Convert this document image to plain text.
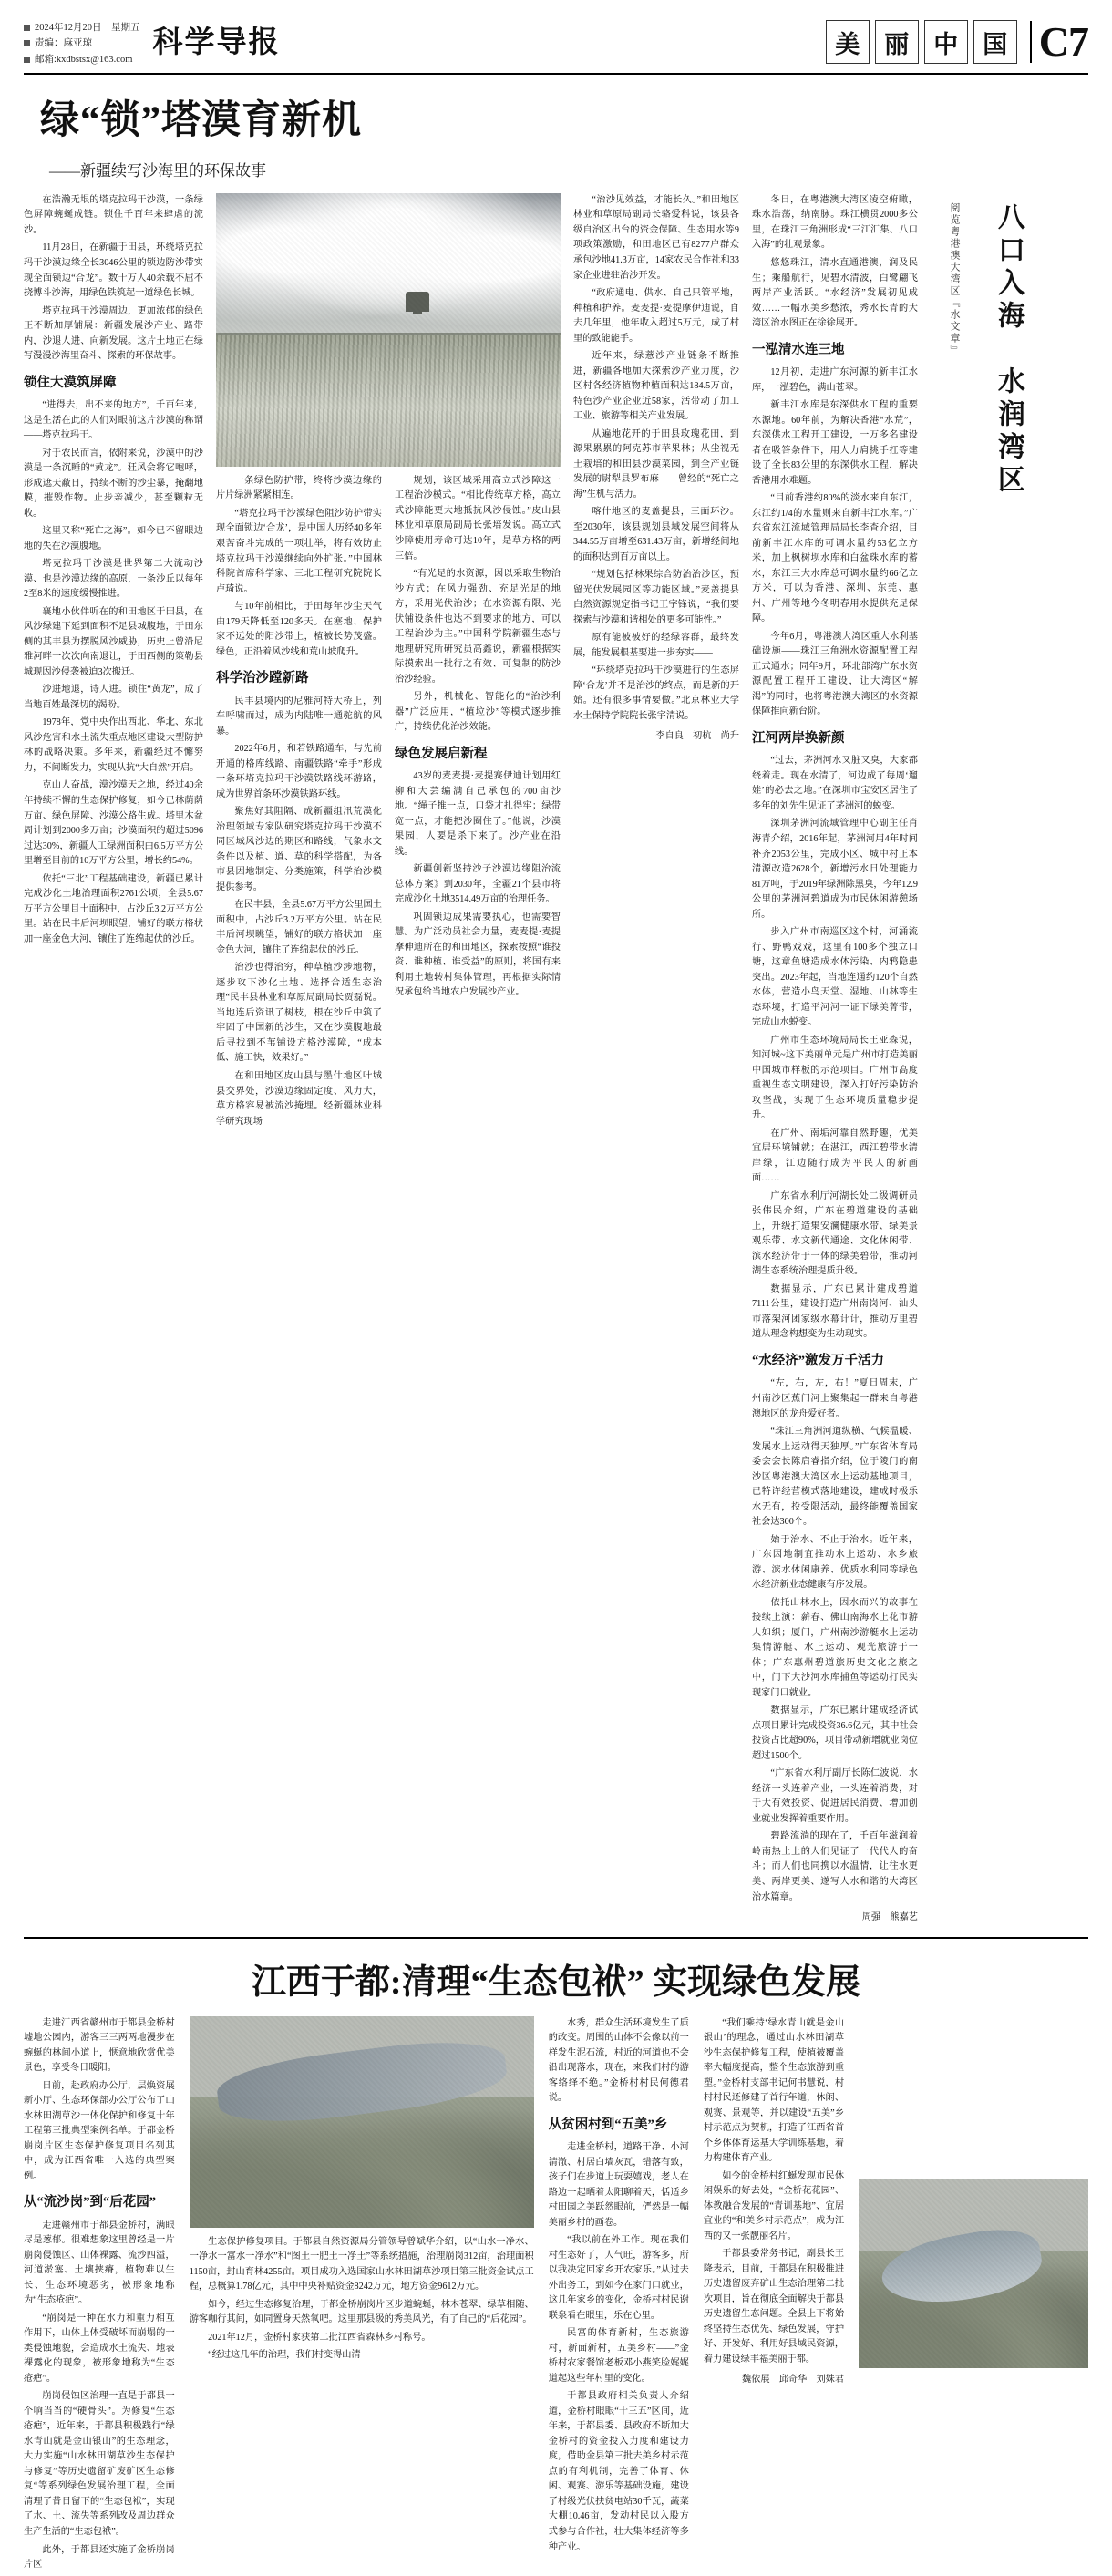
2024年12月20日　星期五
责编：麻亚琼
邮箱:kxdbstsx@163.com
科学导报	美	丽	中	国 C7
绿“锁”塔漠育新机
——新疆续写沙海里的环保故事

在浩瀚无垠的塔克拉玛干沙漠，一条绿色屏障蜿蜒成链。锁住千百年来肆虐的流沙。

11月28日，在新疆于田县，环绕塔克拉玛干沙漠边缘全长3046公里的锁边防沙带实现全面锁边“合龙”。数十万人40余载不屈不挠博斗沙海，用绿色铁筑起一道绿色长城。

塔克拉玛干沙漠周边，更加浓郁的绿色正不断加厚铺展：新疆发展沙产业、路带内，沙退人进、向新发展。这片土地正在绿写漫漫沙海里奋斗、探索的环保故事。

锁住大漠筑屏障

“进得去，出不来的地方”，千百年来，这是生活在此的人们对眼前这片沙漠的称谓——塔克拉玛干。

对于农民而言，依附来说，沙漠中的沙漠是一条沉睡的“黄龙”。狂风会将它咆哮，形成遮天蔽日，持续不断的沙尘暴，掩翻地膜，摧毁作物。止步亲减少，甚至颗粒无收。

这里又称“死亡之海”。如今已不留眼边地的失在沙漠腹地。

塔克拉玛干沙漠是世界第二大流动沙漠、也是沙漠边缘的高原，一条沙丘以每年2至8米的速度缓慢推进。

襄地小伙伴听在的和田地区于田县，在风沙绿建下延到面积不足县城腹地，于田东侧的其丰县为摆脱风沙威胁，历史上曾沿尼雅河畔一次次向南退让，于田西侧的策勒县城现因沙侵袭被迫3次搬迁。

沙进地退，诗人进。锁住“黄龙”，成了当地百姓最深切的渴盼。

1978年，党中央作出西北、华北、东北风沙危害和水土流失重点地区建设大型防护林的战略决策。多年来，新疆经过不懈努力，不间断发力，实现从抗“大自然”开启。

克山人奋战，漠沙漠天之地，经过40余年持续不懈的生态保护修复，如今已林荫荫万亩、绿色屏障、沙漠公路生成。塔里木盆周计划到2000多万亩；沙漠面积的超过5096过达30%，新疆人工绿洲面积由6.5万平方公里增至目前的10万平方公里，增长约54%。

依托“三北”工程基础建设，新疆已累计完成沙化土地治理面积2761公顷，全县5.67万平方公里目土面积中，占沙丘3.2万平方公里。站在民丰后河坝眼望，铺好的联方格状加一座金色大河，镶住了连绵起伏的沙丘。

一条绿色防护带，终将沙漠边缘的片片绿洲紧紧相连。

“塔克拉玛干沙漠绿色阻沙防护带实现全面锁边‘合龙’，是中国人历经40多年艰苦奋斗完成的一项壮举，将有效防止塔克拉玛干沙漠继续向外扩张。”中国林科院首席科学家、三北工程研究院院长卢琦说。

与10年前相比，于田每年沙尘天气由179天降低至120多天。在塞地、保护家不远处的阳沙带上，植被长势茂盛。绿色，正沿着风沙线和荒山坡爬升。

科学治沙蹚新路

民丰县境内的尼雅河特大桥上，列车呼啸而过，成为内陆唯一通驼航的风暴。

2022年6月，和若铁路通车，与先前开通的格库线路、南疆铁路“牵手”形成一条环塔克拉玛干沙漠铁路线环游路，成为世界首条环沙漠铁路环线。

聚焦好其阻隔、成新疆组汛荒漠化治理领域专家队研究塔克拉玛干沙漠不同区域风沙边的期区和路线，气象水文条件以及植、道、草的科学搭配，为各市县因地制定、分类施策，科学治沙模提供参考。

在民丰县，全县5.67万平方公里国土面积中，占沙丘3.2万平方公里。站在民丰后河坝眺望，铺好的联方格状加一座金色大河，镶住了连绵起伏的沙丘。

治沙也得治穷，种草植沙涉地物，逐步攻下沙化土地、选择合适生态治理“民丰县林业和草原局副局长贾磊说。当地连后资讯了树枝，根在沙丘中筑了牢固了中国新的沙生，又在沙漠腹地最后寻找到不苇铺设方格沙漠障，“成本低、施工快，效果好。”

在和田地区皮山县与墨什地区叶城县交界处，沙漠边缘固定度、风力大，草方格容易被流沙掩埋。经新疆林业科学研究现场

规划，该区域采用高立式沙障这一工程治沙模式。“相比传统草方格，高立式沙障能更大地抵抗风沙侵蚀。”皮山县林业和草原局副局长张培发说。高立式沙障使用寿命可达10年，是草方格的两三倍。

“有光足的水资源，因以采取生物治沙方式；在风力强劲、充足光足的地方，采用光伏治沙；在水资源有限、光伏铺设条件也达不到要求的地方，可以工程治沙为主。”中国科学院新疆生态与地理研究所研究员高鑫说，新疆根据实际摸索出一批行之有效、可复制的防沙治沙经验。

另外，机械化、智能化的“治沙利器”广泛应用，“植垃沙”等模式逐步推广，持续优化治沙效能。

绿色发展启新程

43岁的麦麦提·麦提赛伊迪计划用红柳和大芸编满自己承包的700亩沙地。“绳子推一点，口袋才扎得牢；绿带宽一点，才能把沙圈住了。”他说，沙漠果园，人要是杀下来了。沙产业在沿线。

新疆创新坚持沙子沙漠边缘阻治流总体方案》到2030年，全疆21个县市将完成沙化土地3514.49万亩的治理任务。

巩固锁边成果需要执心，也需要智慧。为广泛动员社会力量，麦麦提·麦提摩伸迪所在的和田地区，探索按照“谁投资、谁种植、谁受益”的原则，将国有来利用土地转村集体管理，再根据实际情况承包给当地农户发展沙产业。

“治沙见效益，才能长久。”和田地区林业和草原局副局长骆爱科说，该县各级自治区出台的资金保障、生态用水等9项政策激励，和田地区已有8277户群众承包沙地41.3万亩，14家农民合作社和33家企业进驻治沙开发。

“政府通电、供水、自己只管平地，种植和护养。麦麦提·麦提摩伊迪说，自去几年里，他年收入超过5万元，成了村里的致能能手。

近年来，绿薏沙产业链条不断推进，新疆各地加大探索沙产业力度，沙区村各经济植物种植面积达184.5万亩，特色沙产业企业近58家，活带动了加工工业、旅游等相关产业发展。

从遍地花开的于田县玫瑰花田，到源果累累的阿克苏市苹果林；从尘视无土栽培的和田县沙漠菜园，到全产业链发展的尉犁县罗布麻——曾经的“死亡之海”生机与活力。

喀什地区的麦盖提县，三面环沙。至2030年，该县规划县域发展空间将从344.55万亩增至631.43万亩，新增经间地的面积达到百万亩以上。

“规划包括林果综合防治治沙区，预留光伏发展园区等功能区域。”麦盖提县白然资源规定指书记王宇锋说，“我们要探索与沙漠和谐相处的更多可能性。”

原有能被被好的经绿容群，最终发展，能发展根基要进一步夯实——

“环绕塔克拉玛干沙漠进行的生态屏障‘合龙’并不是治沙的终点，而是新的开始。还有很多事情要做。”北京林业大学水土保持学院院长张宇清说。

李自良　初杭　尚升

冬日，在粤港澳大湾区凌空俯瞰，珠水浩荡，纳南脉。珠江横贯2000多公里，在珠江三角洲形成“三江汇集、八口入海”的壮观景象。

悠悠珠江，清水直通港澳，润及民生；乘船航行，见碧水清波，白鹭翩飞两岸产业活跃。“水经济”发展初见成效……一幅水美乡愁浓，秀水长青的大湾区治水图正在徐徐展开。

一泓清水连三地

12月初，走进广东河源的新丰江水库，一泓碧色，满山苍翠。

新丰江水库是东深供水工程的重要水源地。60年前，为解决香港“水荒”，东深供水工程开工建设，一万多名建设者在吸答条件下，用人力肩挑手扛等建设了全长83公里的东深供水工程，解决香港用水难题。

“目前香港约80%的淡水来自东江，东江约1/4的水量则来自新丰江水库。”广东省东江流域管理局局长李查介绍，目前新丰江水库的可调水量约53亿立方米，加上枫树坝水库和白盆珠水库的蓄水，东江三大水库总可调水量约66亿立方米，可以为香港、深圳、东莞、惠州、广州等地今冬明春用水提供充足保障。

今年6月，粤港澳大湾区重大水利基础设施——珠江三角洲水资源配置工程正式通水；同年9月，环北部湾广东水资源配置工程开工建设，让大湾区“解渴”的同时，也将粤港澳大湾区的水资源保障推向新台阶。

江河两岸换新颜

“过去，茅洲河水又脏又臭，大家都绕着走。现在水清了，河边成了每周‘遛娃’的必去之地。”在深圳市宝安区居住了多年的刘先生见证了茅洲河的蜕变。

深圳茅洲河流域管理中心副主任肖海青介绍，2016年起，茅洲河用4年时间补齐2053公里，完成小区、城中村正本清源改造2628个，新增污水日处理能力81万吨，于2019年绿洲除黑臭，今年12.9公里的茅洲河碧道成为市民休闲游憩场所。

步入广州市南巡区这个村，河涌流行、野鸭戏戏，这里有100多个独立口塘，这章鱼塘造成水体污染、内鸦隐患突出。2023年起，当地连通约120个自然水体，营造小鸟天堂、湿地、山林等生态环境，打造平河河一证下绿美菁带，完成山水蜕变。

广州市生态环境局局长王亚森说，知河城~这下美丽单元是广州市打造美丽中国城市样板的示范项目。广州市高度重视生态文明建设，深入打好污染防治攻坚战，实现了生态环境质量稳步提升。

在广州、南垢河靠自然野趣，优美宜居环境铺就；在湛江，西江碧带水清岸绿，江边随行成为平民人的新画面……

广东省水利厅河湖长处二级调研员张伟民介绍，广东在碧道建设的基础上，升级打造集安澜健康水带、绿美景观乐带、水文新代通途、文化休闲带、滨水经济带于一体的绿美碧带，推动河湖生态系统治理提质升级。

数据显示，广东已累计建成碧道7111公里，建设打造广州南岗河、汕头市落架河团家级水幕计计，推动万里碧道从理念构想变为生动现实。

“水经济”激发万千活力

“左，右，左，右！”夏日周末，广州南沙区蕉门河上聚集起一群来自粤港澳地区的龙舟爱好者。

“珠江三角洲河道纵横、气候温暖、发展水上运动得天独厚。”广东省体育局委会会长陈启睿指介绍，位于陵门的南沙区粤港澳大湾区水上运动基地项目，已特许经营模式落地建设，建成时极乐水无有，投受限活动，最终能覆盖国家社会达300个。

始于治水、不止于治水。近年来，广东因地制宜推动水上运动、水乡旅游、滨水休闲康养、优质水利同等绿色水经济新业态健康有序发展。

依托山林水上，因水而兴的故事在接续上演：薪春、佛山南海水上花市游人如织；厦门，广州南沙游艇水上运动集情游艇、水上运动、观光旅游于一体；广东惠州碧道旅历史文化之旅之中，门下大沙河水库捕鱼等运动打民实现家门口就业。

数据显示，广东已累计建成经济试点项目累计完成投资36.6亿元，其中社会投资占比超90%，项目带动新增就业岗位超过1500个。

“广东省水利厅副厅长陈仁波说，水经济一头连着产业，一头连着消费，对于大有效投资、促进居民消费、增加创业就业发挥着重要作用。

碧路流淌的现在了，千百年滋润着岭南热土上的人们见证了一代代人的奋斗；而人们也同携以水温情，让往水更美、两岸更美、遂写人水和谐的大湾区治水篇章。

周强　熊嘉艺
阅览粤港澳大湾区『水文章』 八口入海　水润湾区
江西于都:清理“生态包袱” 实现绿色发展

走进江西省赣州市于都县金桥村墟地公园内，游客三三两两地漫步在蜿蜒的林间小道上，惬意地欣赏优美景色，享受冬日暖阳。

日前，赴政府办公厅，层焕资展新小厅、生态环保部办公厅公布了山水林田湖草沙一体化保护和修复十年工程第三批典型案例名单。于都金桥崩岗片区生态保护修复项目名列其中，成为江西省唯一入选的典型案例。

从“流沙岗”到“后花园”

走进赣州市于都县金桥村，满眼尽是葱郁。很难想象这里曾经是一片崩岗侵蚀区、山体裸露、流沙四溢，河道淤塞、土壤挟瘠，植物难以生长、生态环境恶劣，被形象地称为“生态疮疤”。

“崩岗是一种在水力和重力相互作用下，山体上体受破坏而崩塌的一类侵蚀地貌，会造成水土流失、地表裸露化的现象，被形象地称为“生态疮疤”。

崩岗侵蚀区治理一直是于都县一个响当当的“硬骨头”。为修复“生态疮疤”，近年来，于都县积极践行“绿水青山就是金山银山”的生态理念，大力实施“山水林田湖草沙生态保护与修复”等历史遗留矿废矿区生态修复“等系列绿色发展治理工程，全面清理了昔日留下的“生态包袱”，实现了水、土、流失等系列改及周边群众生产生活的“生态包袱”。

此外，于都县还实施了金桥崩岗片区

生态保护修复项目。于都县自然资源局分管领导曾斌华介绍，以“山水一净水、一净水一富水一净水”和“图土一肥土一净土”等系统措施，治理崩岗312亩，治理面积1150亩，封山育林4255亩。项目成功入选国家山水林田湖草沙项目第三批资金试点工程，总概算1.78亿元，其中中央补贴资金8242万元，地方资金9612万元。

如今，经过生态修复治理，于都金桥崩岗片区步道蜿蜒，林木苍翠、绿草相随、游客咖行其间，如同置身天然氧吧。这里那县级的秀美风光，有了自己的“后花园”。

2021年12月，金桥村家获第二批江西省森林乡村称号。

“经过这几年的治理，我们村变得山清

水秀，群众生活环境发生了质的改变。周围的山体不会像以前一样发生泥石流，村近的河道也不会沿出现落水，现在，来我们村的游客络绎不绝。”金桥村村民何德君说。

从贫困村到“五美”乡

走进金桥村，道路干净、小河清澈、村居白墙灰瓦，错落有致，孩子们在步道上玩耍嬉戏，老人在路边一起晒着太阳聊着天，恬适乡村田园之美跃然眼前，俨然是一幅美丽乡村的画卷。

“我以前在外工作。现在我们村生态好了，人气旺，游客多，所以我决定回家乡开农家乐。”从过去外出务工，到如今在家门口就业，这几年家乡的变化，金桥村村民谢联泉看在眼里，乐在心里。

民富的体育新村，生态旅游村，新面新村，五美乡村——”金桥村农家餐馆老板邓小燕笑脸娓娓道起这些年村里的变化。

于都县政府相关负责人介绍道，金桥村眼眼“十三五”区间，近年来，于都县委、县政府不断加大金桥村的资金投入力度和建设力度，借助金县第三批去美乡村示范点的有利机制，完善了体育、休闲、观赛、游乐等基础设施，建设了村级光伏扶贫电站30千瓦，蔬菜大棚10.46亩，发动村民以入股方式参与合作社，壮大集体经济等多种产业。

“我们乘持‘绿水青山就是金山银山’的理念，通过山水林田湖草沙生态保护修复工程，使植被覆盖率大幅度提高，整个生态旅游到重塑。”金桥村支部书记何书慧说，村村村民还修建了首行年道，休闲、观赛、景观等，并以建设“五美”乡村示范点为契机，打造了江西省首个乡体体育运基大学训练基地，着力构建体育产业。

如今的金桥村红蜒发现市民休闲娱乐的好去处，“金桥花花园”、体教融合发展的“青训基地”、宜居宜业的“和美乡村示范点”，成为江西的又一张靓丽名片。

于都县委常务书记，副县长王降表示，目前，于都县在积极推进历史遗留废弃矿山生态治理第二批次项目，旨在彻底全面解决于都县历史遗留生态问题。全县上下将始终坚持生态优先、绿色发展，守护好、开发好、利用好县域民资源，着力建设绿丰福美丽于都。

魏依展　邱奇华　刘姝君
